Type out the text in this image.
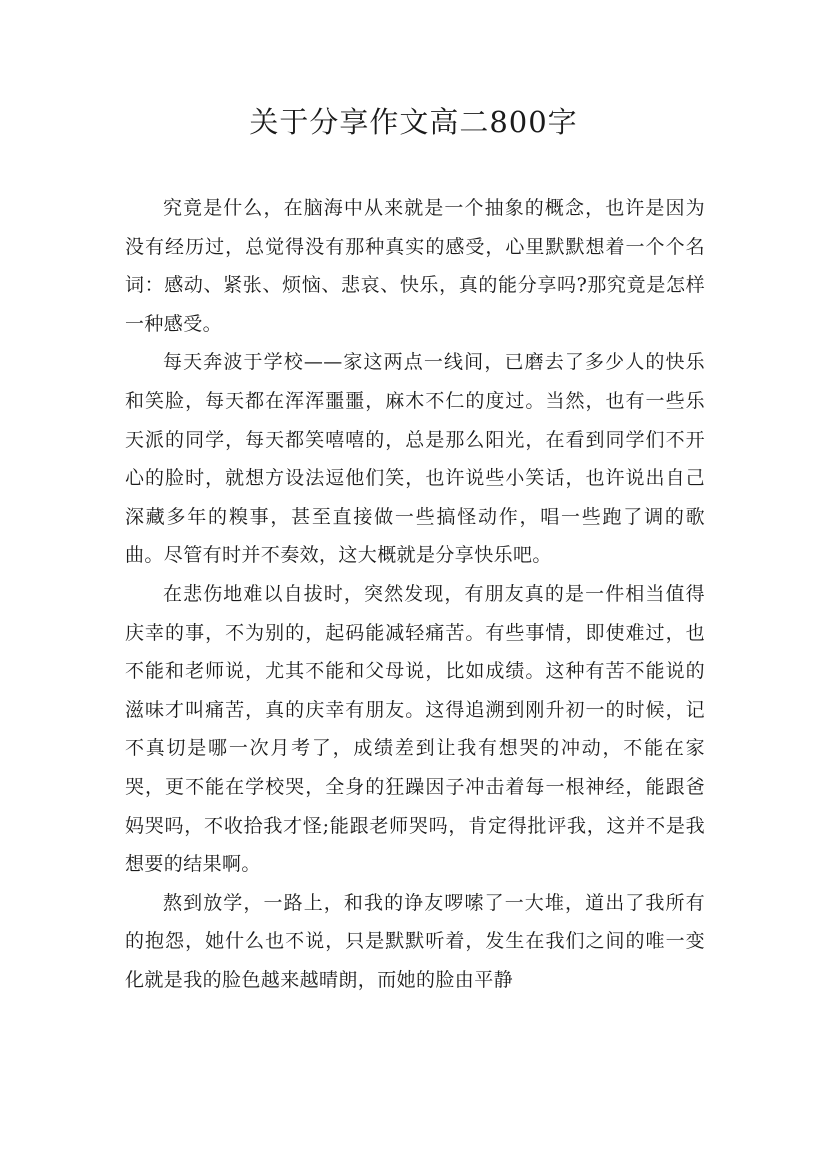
关于分享作文高二800字

究竟是什么，在脑海中从来就是一个抽象的概念，也许是因为没有经历过，总觉得没有那种真实的感受，心里默默想着一个个名词：感动、紧张、烦恼、悲哀、快乐，真的能分享吗?那究竟是怎样一种感受。

每天奔波于学校——家这两点一线间，已磨去了多少人的快乐和笑脸，每天都在浑浑噩噩，麻木不仁的度过。当然，也有一些乐天派的同学，每天都笑嘻嘻的，总是那么阳光，在看到同学们不开心的脸时，就想方设法逗他们笑，也许说些小笑话，也许说出自己深藏多年的糗事，甚至直接做一些搞怪动作，唱一些跑了调的歌曲。尽管有时并不奏效，这大概就是分享快乐吧。

在悲伤地难以自拔时，突然发现，有朋友真的是一件相当值得庆幸的事，不为别的，起码能减轻痛苦。有些事情，即使难过，也不能和老师说，尤其不能和父母说，比如成绩。这种有苦不能说的滋味才叫痛苦，真的庆幸有朋友。这得追溯到刚升初一的时候，记不真切是哪一次月考了，成绩差到让我有想哭的冲动，不能在家哭，更不能在学校哭，全身的狂躁因子冲击着每一根神经，能跟爸妈哭吗，不收拾我才怪;能跟老师哭吗，肯定得批评我，这并不是我想要的结果啊。

熬到放学，一路上，和我的诤友啰嗦了一大堆，道出了我所有的抱怨，她什么也不说，只是默默听着，发生在我们之间的唯一变化就是我的脸色越来越晴朗，而她的脸由平静
